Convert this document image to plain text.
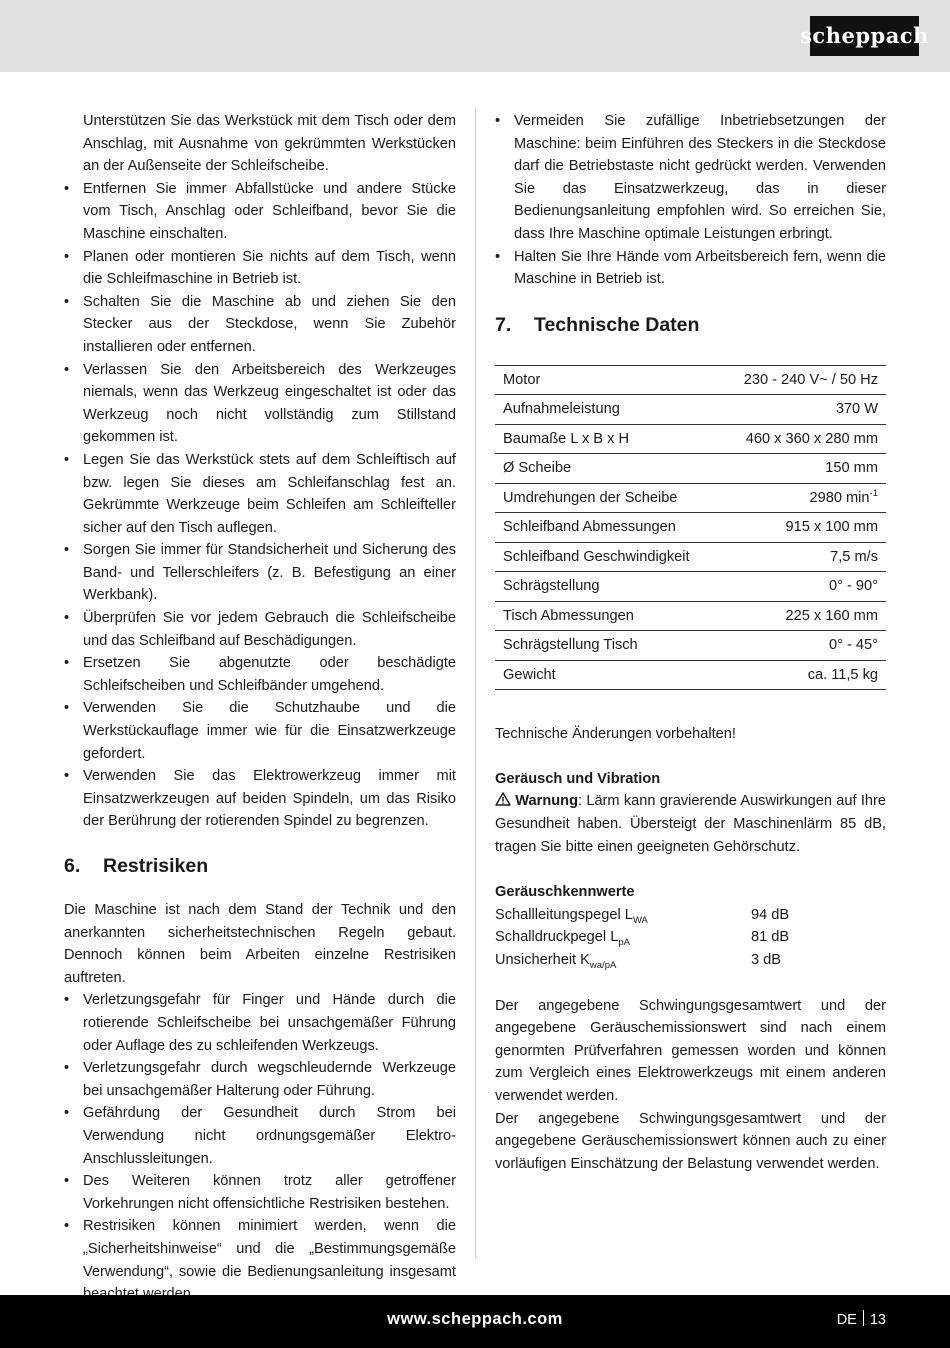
scheppach
Unterstützen Sie das Werkstück mit dem Tisch oder dem Anschlag, mit Ausnahme von gekrümmten Werkstücken an der Außenseite der Schleifscheibe.
• Entfernen Sie immer Abfallstücke und andere Stücke vom Tisch, Anschlag oder Schleifband, bevor Sie die Maschine einschalten.
• Planen oder montieren Sie nichts auf dem Tisch, wenn die Schleifmaschine in Betrieb ist.
• Schalten Sie die Maschine ab und ziehen Sie den Stecker aus der Steckdose, wenn Sie Zubehör installieren oder entfernen.
• Verlassen Sie den Arbeitsbereich des Werkzeuges niemals, wenn das Werkzeug eingeschaltet ist oder das Werkzeug noch nicht vollständig zum Stillstand gekommen ist.
• Legen Sie das Werkstück stets auf dem Schleiftisch auf bzw. legen Sie dieses am Schleifanschlag fest an. Gekrümmte Werkzeuge beim Schleifen am Schleifteller sicher auf den Tisch auflegen.
• Sorgen Sie immer für Standsicherheit und Sicherung des Band- und Tellerschleifers (z. B. Befestigung an einer Werkbank).
• Überprüfen Sie vor jedem Gebrauch die Schleifscheibe und das Schleifband auf Beschädigungen.
• Ersetzen Sie abgenutzte oder beschädigte Schleifscheiben und Schleifbänder umgehend.
• Verwenden Sie die Schutzhaube und die Werkstückauflage immer wie für die Einsatzwerkzeuge gefordert.
• Verwenden Sie das Elektrowerkzeug immer mit Einsatzwerkzeugen auf beiden Spindeln, um das Risiko der Berührung der rotierenden Spindel zu begrenzen.
6.	Restrisiken

Die Maschine ist nach dem Stand der Technik und den anerkannten sicherheitstechnischen Regeln gebaut. Dennoch können beim Arbeiten einzelne Restrisiken auftreten.

• Verletzungsgefahr für Finger und Hände durch die rotierende Schleifscheibe bei unsachgemäßer Führung oder Auflage des zu schleifenden Werkzeugs.
• Verletzungsgefahr durch wegschleudernde Werkzeuge bei unsachgemäßer Halterung oder Führung.
• Gefährdung der Gesundheit durch Strom bei Verwendung nicht ordnungsgemäßer Elektro-Anschlussleitungen.
• Des Weiteren können trotz aller getroffener Vorkehrungen nicht offensichtliche Restrisiken bestehen.
• Restrisiken können minimiert werden, wenn die „Sicherheitshinweise“ und die „Bestimmungsgemäße Verwendung“, sowie die Bedienungsanleitung insgesamt
• Vermeiden Sie zufällige Inbetriebsetzungen der Maschine: beim Einführen des Steckers in die Steckdose darf die Betriebstaste nicht gedrückt werden. Verwenden Sie das Einsatzwerkzeug, das in dieser Bedienungsanleitung empfohlen wird. So erreichen Sie, dass Ihre Maschine optimale Leistungen erbringt.
• Halten Sie Ihre Hände vom Arbeitsbereich fern, wenn die Maschine in Betrieb ist.
7.	Technische Daten
Motor	230 - 240 V~ / 50 Hz
Aufnahmeleistung	370 W
Baumaße L x B x H	460 x 360 x 280 mm
Ø Scheibe	150 mm
Umdrehungen der Scheibe	2980 $\min^{-1}$
Schleifband Abmessungen	915 x 100 mm
Schleifband Geschwindigkeit	7,5 m/s
Schrägstellung	0° - 90°
Tisch Abmessungen	225 x 160 mm
Schrägstellung Tisch	0° - 45°
Gewicht	ca. 11,5 kg

Technische Änderungen vorbehalten!

Geräusch und Vibration

Warnung: Lärm kann gravierende Auswirkungen auf Ihre Gesundheit haben. Übersteigt der Maschinenlärm 85 dB, tragen Sie bitte einen geeigneten Gehörschutz.

Geräuschkennwerte

Schallleitungspegel $L_{WA}$	94 dB
Schalldruckpegel $L_{pA}$	81 dB
Unsicherheit $K_{wa/pA}$	3 dB

Der angegebene Schwingungsgesamtwert und der angegebene Geräuschemissionswert sind nach einem genormten Prüfverfahren gemessen worden und können zum Vergleich eines Elektrowerkzeugs mit einem anderen verwendet werden.

Der angegebene Schwingungsgesamtwert und der angegebene Geräuschemissionswert können auch zu einer vorläufigen Einschätzung der Belastung verwendet werden.

www.scheppach.com	DE 13
